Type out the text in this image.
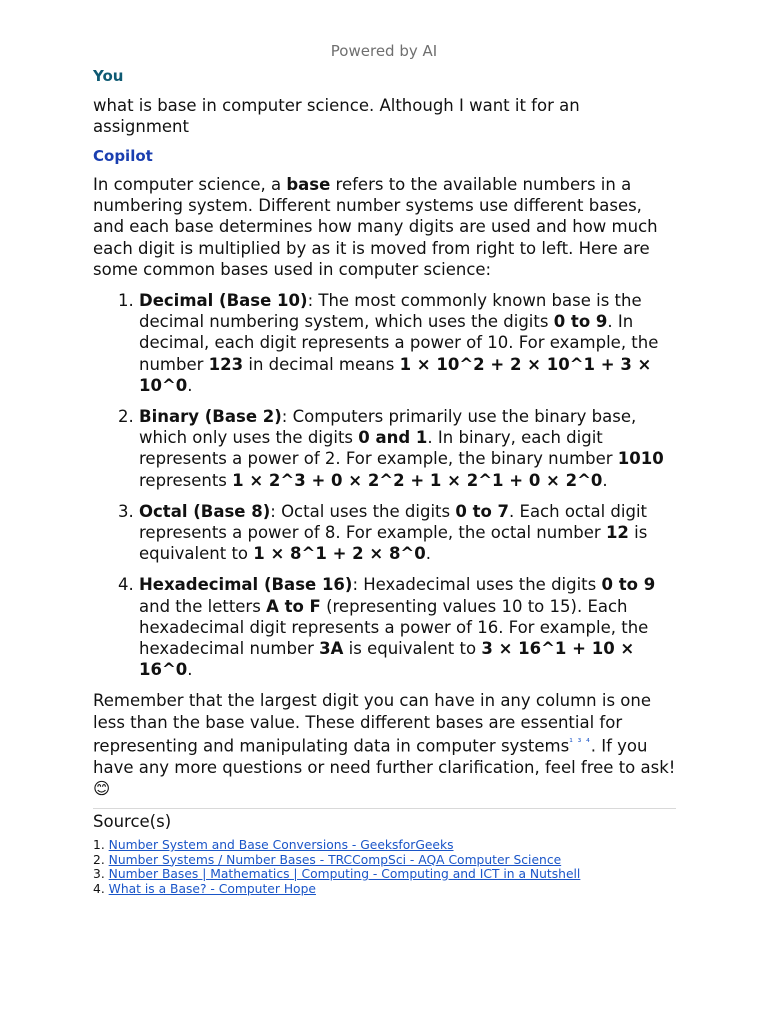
Powered by AI

You

what is base in computer science. Although I want it for an assignment

Copilot

In computer science, a base refers to the available numbers in a numbering system. Different number systems use different bases, and each base determines how many digits are used and how much each digit is multiplied by as it is moved from right to left. Here are some common bases used in computer science:

1. Decimal (Base 10): The most commonly known base is the decimal numbering system, which uses the digits 0 to 9. In decimal, each digit represents a power of 10. For example, the number 123 in decimal means 1 × 10^2 + 2 × 10^1 + 3 × 10^0.
2. Binary (Base 2): Computers primarily use the binary base, which only uses the digits 0 and 1. In binary, each digit represents a power of 2. For example, the binary number 1010 represents 1 × 2^3 + 0 × 2^2 + 1 × 2^1 + 0 × 2^0.
3. Octal (Base 8): Octal uses the digits 0 to 7. Each octal digit represents a power of 8. For example, the octal number 12 is equivalent to 1 × 8^1 + 2 × 8^0.
4. Hexadecimal (Base 16): Hexadecimal uses the digits 0 to 9 and the letters A to F (representing values 10 to 15). Each hexadecimal digit represents a power of 16. For example, the hexadecimal number 3A is equivalent to 3 × 16^1 + 10 × 16^0.

Remember that the largest digit you can have in any column is one less than the base value. These different bases are essential for representing and manipulating data in computer systems$^{^1 ^3 ^4}$. If you have any more questions or need further clarification, feel free to ask! 😊

Source(s)

1. Number System and Base Conversions - GeeksforGeeks
2. Number Systems / Number Bases - TRCCompSci - AQA Computer Science
3. Number Bases | Mathematics | Computing - Computing and ICT in a Nutshell
4. What is a Base? - Computer Hope
